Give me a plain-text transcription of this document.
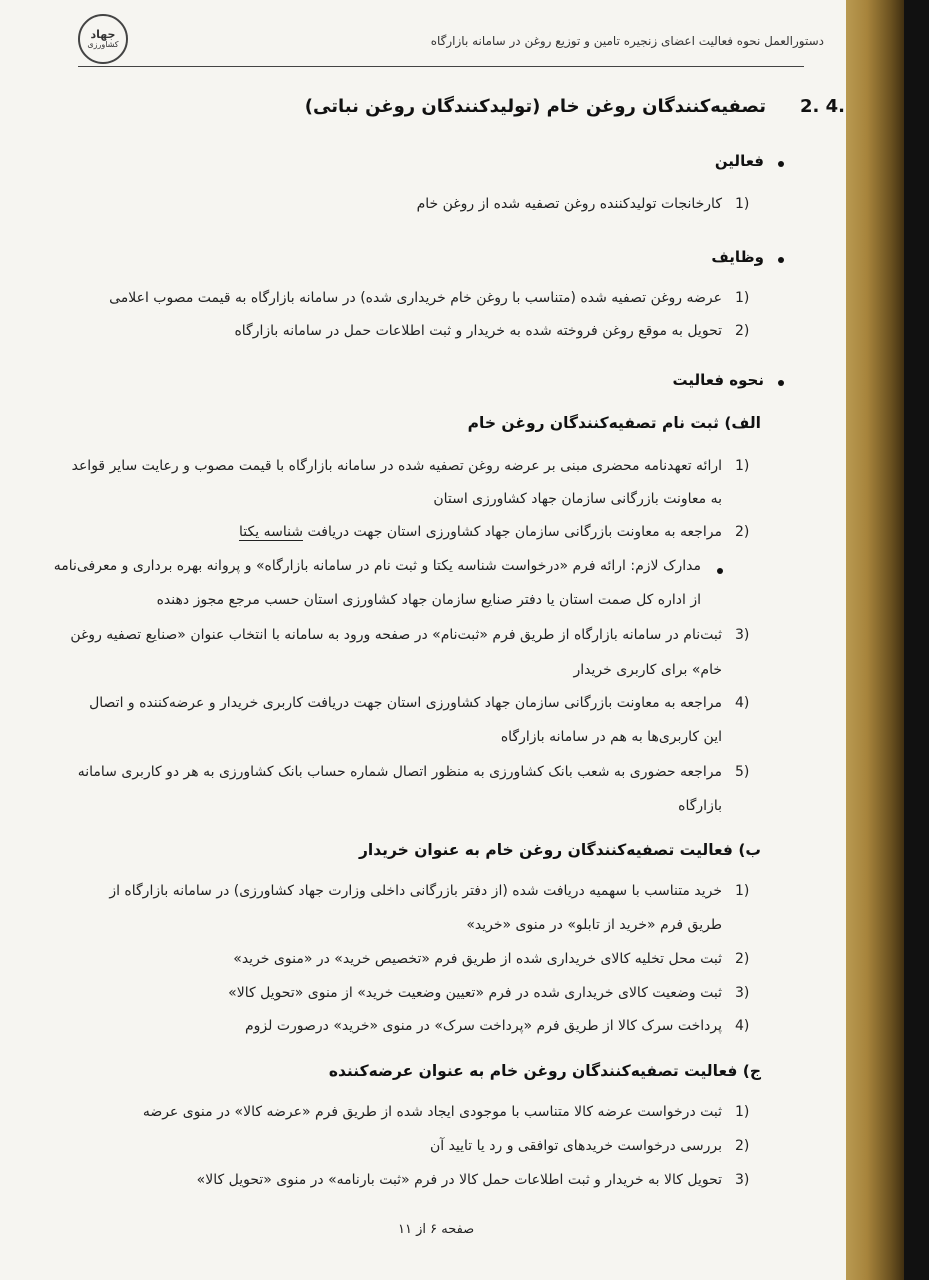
جهاد
کشاورزی	دستورالعمل نحوه فعالیت اعضای زنجیره تامین و توزیع روغن در سامانه بازارگاه
تصفیه‌کنندگان روغن خام (تولیدکنندگان روغن نباتی) 2. 4.
فعالین
1)
کارخانجات تولیدکننده روغن تصفیه شده از روغن خام
وظایف
1)
عرضه روغن تصفیه شده (متناسب با روغن خام خریداری شده) در سامانه بازارگاه به قیمت مصوب اعلامی
2)
تحویل به موقع روغن فروخته شده به خریدار و ثبت اطلاعات حمل در سامانه بازارگاه
نحوه فعالیت
الف) ثبت نام تصفیه‌کنندگان روغن خام
1)
ارائه تعهدنامه محضری مبنی بر عرضه روغن تصفیه شده در سامانه بازارگاه با قیمت مصوب و رعایت سایر قواعد
به معاونت بازرگانی سازمان جهاد کشاورزی استان
2)
مراجعه به معاونت بازرگانی سازمان جهاد کشاورزی استان جهت دریافت شناسه یکتا
مدارک لازم: ارائه فرم «درخواست شناسه یکتا و ثبت نام در سامانه بازارگاه» و پروانه بهره برداری و معرفی‌نامه
از اداره کل صمت استان یا دفتر صنایع سازمان جهاد کشاورزی استان حسب مرجع مجوز دهنده
3)
ثبت‌نام در سامانه بازارگاه از طریق فرم «ثبت‌نام» در صفحه ورود به سامانه با انتخاب عنوان «صنایع تصفیه روغن
خام» برای کاربری خریدار
4)
مراجعه به معاونت بازرگانی سازمان جهاد کشاورزی استان جهت دریافت کاربری خریدار و عرضه‌کننده و اتصال
این کاربری‌ها به هم در سامانه بازارگاه
5)
مراجعه حضوری به شعب بانک کشاورزی به منظور اتصال شماره حساب بانک کشاورزی به هر دو کاربری سامانه
بازارگاه
ب) فعالیت تصفیه‌کنندگان روغن خام به عنوان خریدار
1)
خرید متناسب با سهمیه دریافت شده (از دفتر بازرگانی داخلی وزارت جهاد کشاورزی) در سامانه بازارگاه از
طریق فرم «خرید از تابلو» در منوی «خرید»
2)
ثبت محل تخلیه کالای خریداری شده از طریق فرم «تخصیص خرید» در «منوی خرید»
3)
ثبت وضعیت کالای خریداری شده در فرم «تعیین وضعیت خرید» از منوی «تحویل کالا»
4)
پرداخت سرک کالا از طریق فرم «پرداخت سرک» در منوی «خرید» درصورت لزوم
ج) فعالیت تصفیه‌کنندگان روغن خام به عنوان عرضه‌کننده
1)
ثبت درخواست عرضه کالا متناسب با موجودی ایجاد شده از طریق فرم «عرضه کالا» در منوی عرضه
2)
بررسی درخواست خریدهای توافقی و رد یا تایید آن
3)
تحویل کالا به خریدار و ثبت اطلاعات حمل کالا در فرم «ثبت بارنامه» در منوی «تحویل کالا»
صفحه ۶ از ۱۱
